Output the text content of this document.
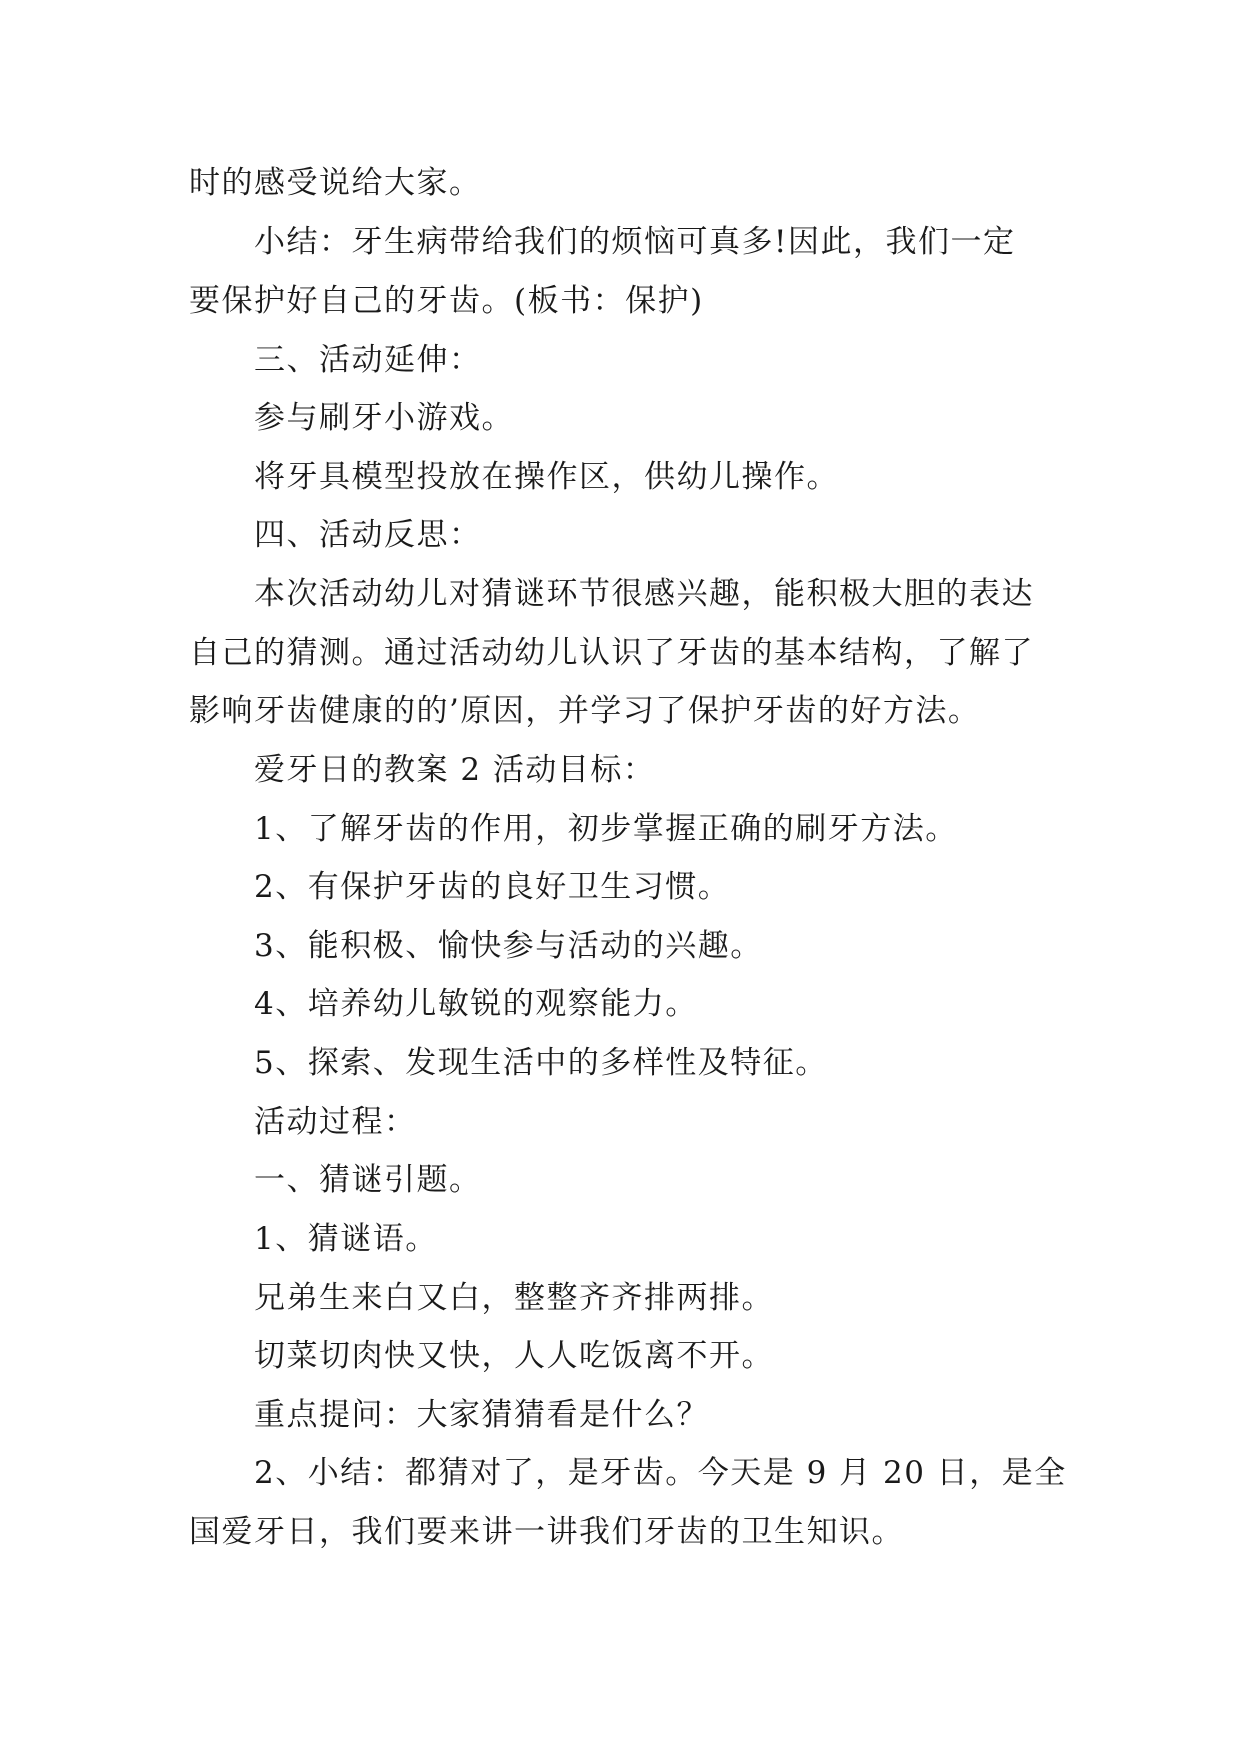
时的感受说给大家。
小结：牙生病带给我们的烦恼可真多!因此，我们一定
要保护好自己的牙齿。(板书：保护)
三、活动延伸：
参与刷牙小游戏。
将牙具模型投放在操作区，供幼儿操作。
四、活动反思：
本次活动幼儿对猜谜环节很感兴趣，能积极大胆的表达
自己的猜测。通过活动幼儿认识了牙齿的基本结构，了解了
影响牙齿健康的的’原因，并学习了保护牙齿的好方法。
爱牙日的教案 2 活动目标：
1、了解牙齿的作用，初步掌握正确的刷牙方法。
2、有保护牙齿的良好卫生习惯。
3、能积极、愉快参与活动的兴趣。
4、培养幼儿敏锐的观察能力。
5、探索、发现生活中的多样性及特征。
活动过程：
一、猜谜引题。
1、猜谜语。
兄弟生来白又白，整整齐齐排两排。
切菜切肉快又快，人人吃饭离不开。
重点提问：大家猜猜看是什么？
2、小结：都猜对了，是牙齿。今天是 9 月 20 日，是全
国爱牙日，我们要来讲一讲我们牙齿的卫生知识。
